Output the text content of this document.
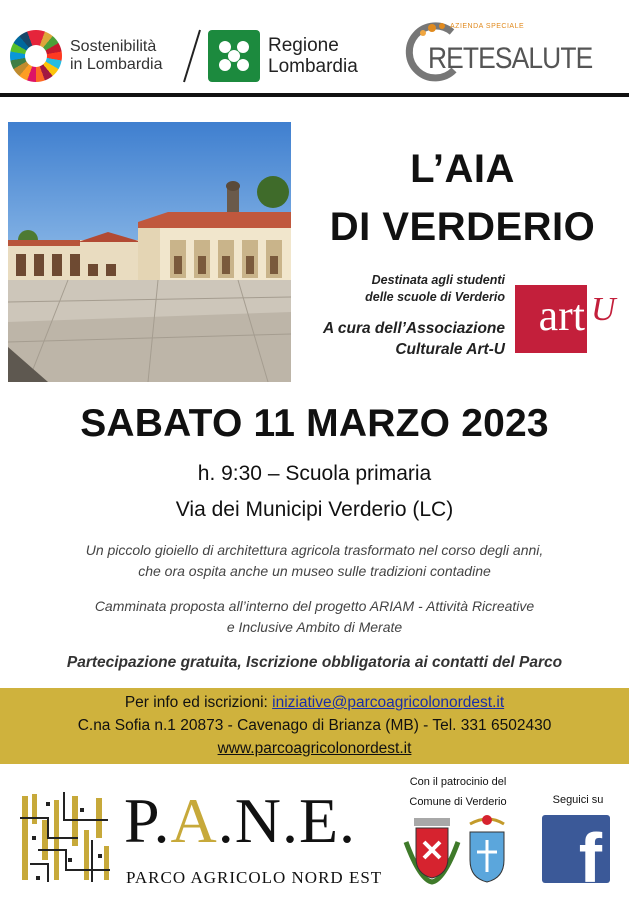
Sostenibilità
in Lombardia
Regione
Lombardia
AZIENDA SPECIALE
RETESALUTE
L’AIA
DI VERDERIO
Destinata agli studenti
delle scuole di Verderio
A cura dell’Associazione
Culturale Art-U
art U
SABATO 11 MARZO 2023
h. 9:30 – Scuola primaria
Via dei Municipi Verderio (LC)
Un piccolo gioiello di architettura agricola trasformato nel corso degli anni,
che ora ospita anche un museo sulle tradizioni contadine
Camminata proposta all’interno del progetto ARIAM - Attività Ricreative
e Inclusive Ambito di Merate
Partecipazione gratuita, Iscrizione obbligatoria ai contatti del Parco
Per info ed iscrizioni: iniziative@parcoagricolonordest.it
C.na Sofia n.1 20873 - Cavenago di Brianza (MB) - Tel. 331 6502430
www.parcoagricolonordest.it
P.A.N.E.
PARCO AGRICOLO NORD EST
Con il patrocinio del
Comune di Verderio	Seguici su
f
